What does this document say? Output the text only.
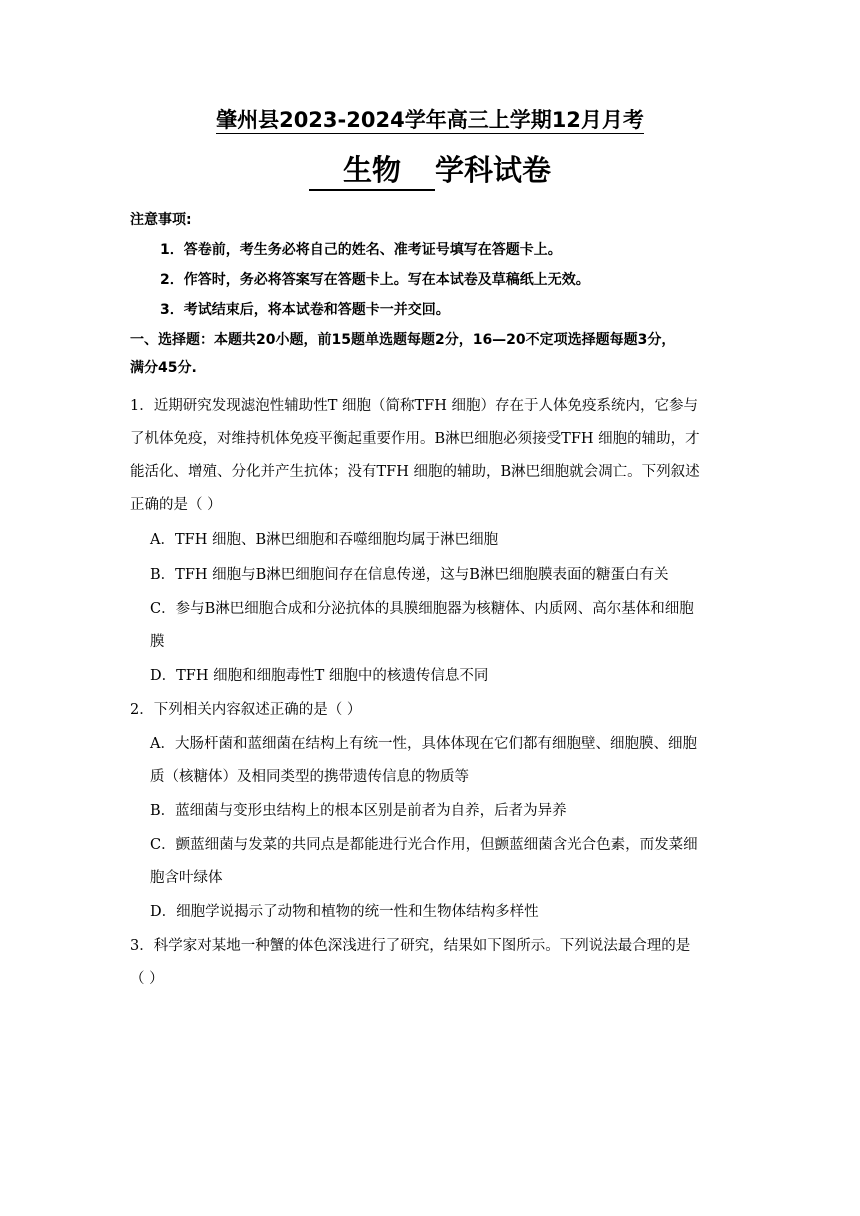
肇州县2023-2024学年高三上学期12月月考
生物 学科试卷
注意事项:
1．答卷前，考生务必将自己的姓名、准考证号填写在答题卡上。
2．作答时，务必将答案写在答题卡上。写在本试卷及草稿纸上无效。
3．考试结束后，将本试卷和答题卡一并交回。
一、选择题：本题共20小题，前15题单选题每题2分，16—20不定项选择题每题3分，
满分45分.
1．近期研究发现滤泡性辅助性T 细胞（简称TFH 细胞）存在于人体免疫系统内，它参与
了机体免疫，对维持机体免疫平衡起重要作用。B淋巴细胞必须接受TFH 细胞的辅助，才
能活化、增殖、分化并产生抗体；没有TFH 细胞的辅助，B淋巴细胞就会凋亡。下列叙述
正确的是（ ）
A．TFH 细胞、B淋巴细胞和吞噬细胞均属于淋巴细胞
B．TFH 细胞与B淋巴细胞间存在信息传递，这与B淋巴细胞膜表面的糖蛋白有关
C．参与B淋巴细胞合成和分泌抗体的具膜细胞器为核糖体、内质网、高尔基体和细胞
膜
D．TFH 细胞和细胞毒性T 细胞中的核遗传信息不同
2．下列相关内容叙述正确的是（ ）
A．大肠杆菌和蓝细菌在结构上有统一性，具体体现在它们都有细胞壁、细胞膜、细胞
质（核糖体）及相同类型的携带遗传信息的物质等
B．蓝细菌与变形虫结构上的根本区别是前者为自养，后者为异养
C．颤蓝细菌与发菜的共同点是都能进行光合作用，但颤蓝细菌含光合色素，而发菜细
胞含叶绿体
D．细胞学说揭示了动物和植物的统一性和生物体结构多样性
3．科学家对某地一种蟹的体色深浅进行了研究，结果如下图所示。下列说法最合理的是
（ ）
